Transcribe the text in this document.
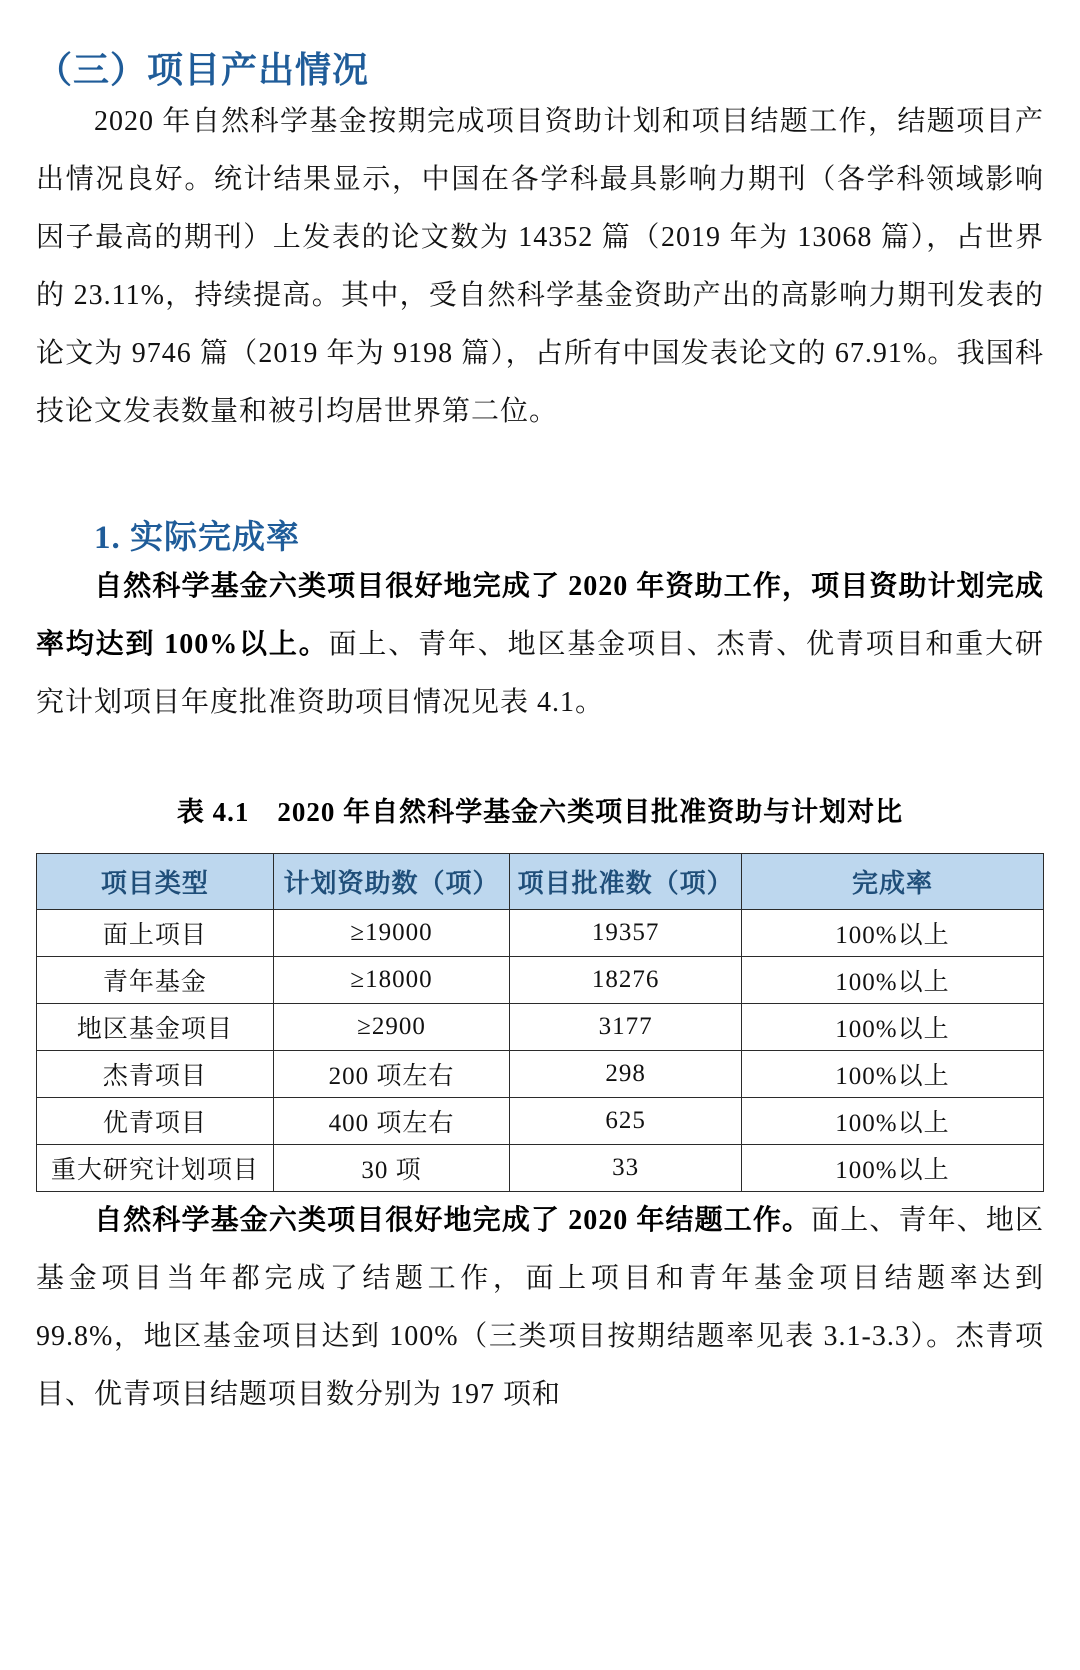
（三）项目产出情况

2020 年自然科学基金按期完成项目资助计划和项目结题工作，结题项目产出情况良好。统计结果显示，中国在各学科最具影响力期刊（各学科领域影响因子最高的期刊）上发表的论文数为 14352 篇（2019 年为 13068 篇），占世界的 23.11%，持续提高。其中，受自然科学基金资助产出的高影响力期刊发表的论文为 9746 篇（2019 年为 9198 篇），占所有中国发表论文的 67.91%。我国科技论文发表数量和被引均居世界第二位。

1. 实际完成率

自然科学基金六类项目很好地完成了 2020 年资助工作，项目资助计划完成率均达到 100%以上。面上、青年、地区基金项目、杰青、优青项目和重大研究计划项目年度批准资助项目情况见表 4.1。

表 4.1　2020 年自然科学基金六类项目批准资助与计划对比
项目类型	计划资助数（项）	项目批准数（项）	完成率
面上项目	≥19000	19357	100%以上
青年基金	≥18000	18276	100%以上
地区基金项目	≥2900	3177	100%以上
杰青项目	200 项左右	298	100%以上
优青项目	400 项左右	625	100%以上
重大研究计划项目	30 项	33	100%以上

自然科学基金六类项目很好地完成了 2020 年结题工作。面上、青年、地区基金项目当年都完成了结题工作，面上项目和青年基金项目结题率达到 99.8%，地区基金项目达到 100%（三类项目按期结题率见表 3.1-3.3）。杰青项目、优青项目结题项目数分别为 197 项和
